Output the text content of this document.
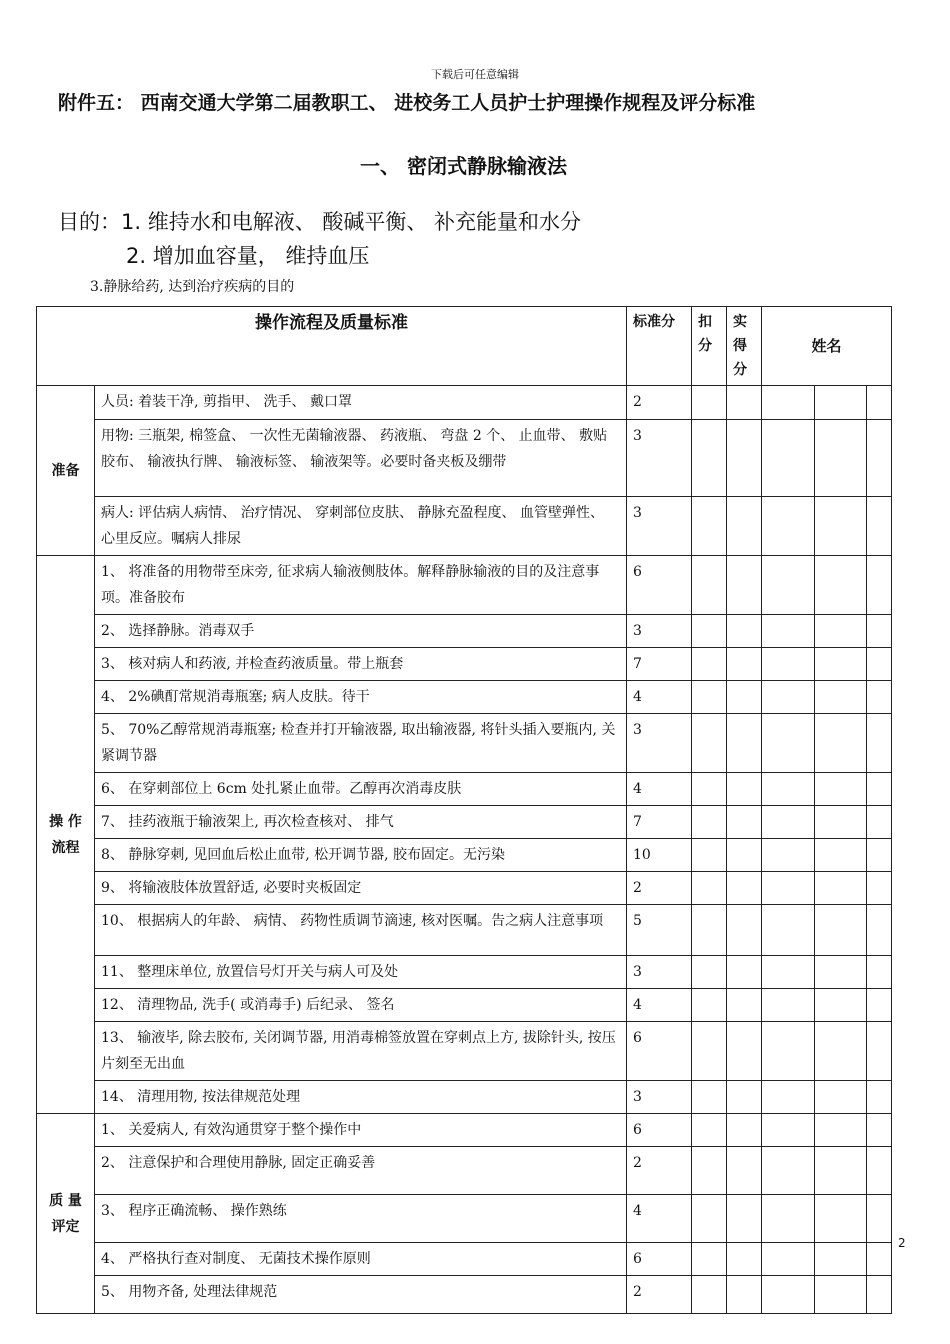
下载后可任意编辑
附件五： 西南交通大学第二届教职工、 进校务工人员护士护理操作规程及评分标准
一、 密闭式静脉输液法
目的：1. 维持水和电解液、 酸碱平衡、 补充能量和水分
2. 增加血容量， 维持血压
3.静脉给药, 达到治疗疾病的目的
操作流程及质量标准		标准分	扣分	实得分	姓名		
准备	人员: 着装干净, 剪指甲、 洗手、 戴口罩	2					
	用物: 三瓶架, 棉签盒、 一次性无菌输液器、 药液瓶、 弯盘 2 个、 止血带、 敷贴胶布、 输液执行牌、 输液标签、 输液架等。必要时备夹板及绷带	3					
	病人: 评估病人病情、 治疗情况、 穿刺部位皮肤、 静脉充盈程度、 血管壁弹性、 心里反应。嘱病人排尿	3					
操 作 流程	1、 将准备的用物带至床旁, 征求病人输液侧肢体。解释静脉输液的目的及注意事项。准备胶布	6					
	2、 选择静脉。消毒双手	3					
	3、 核对病人和药液, 并检查药液质量。带上瓶套	7					
	4、 2%碘酊常规消毒瓶塞; 病人皮肤。待干	4					
	5、 70%乙醇常规消毒瓶塞; 检查并打开输液器, 取出输液器, 将针头插入要瓶内, 关紧调节器	3					
	6、 在穿刺部位上 6cm 处扎紧止血带。乙醇再次消毒皮肤	4					
	7、 挂药液瓶于输液架上, 再次检查核对、 排气	7					
	8、 静脉穿刺, 见回血后松止血带, 松开调节器, 胶布固定。无污染	10					
	9、 将输液肢体放置舒适, 必要时夹板固定	2					
	10、 根据病人的年龄、 病情、 药物性质调节滴速, 核对医嘱。告之病人注意事项	5					
	11、 整理床单位, 放置信号灯开关与病人可及处	3					
	12、 清理物品, 洗手( 或消毒手) 后纪录、 签名	4					
	13、 输液毕, 除去胶布, 关闭调节器, 用消毒棉签放置在穿刺点上方, 拔除针头, 按压片刻至无出血	6					
	14、 清理用物, 按法律规范处理	3					
质 量 评定	1、 关爱病人, 有效沟通贯穿于整个操作中	6					
	2、 注意保护和合理使用静脉, 固定正确妥善	2					
	3、 程序正确流畅、 操作熟练	4					
	4、 严格执行查对制度、 无菌技术操作原则	6					
	5、 用物齐备, 处理法律规范	2					
2
